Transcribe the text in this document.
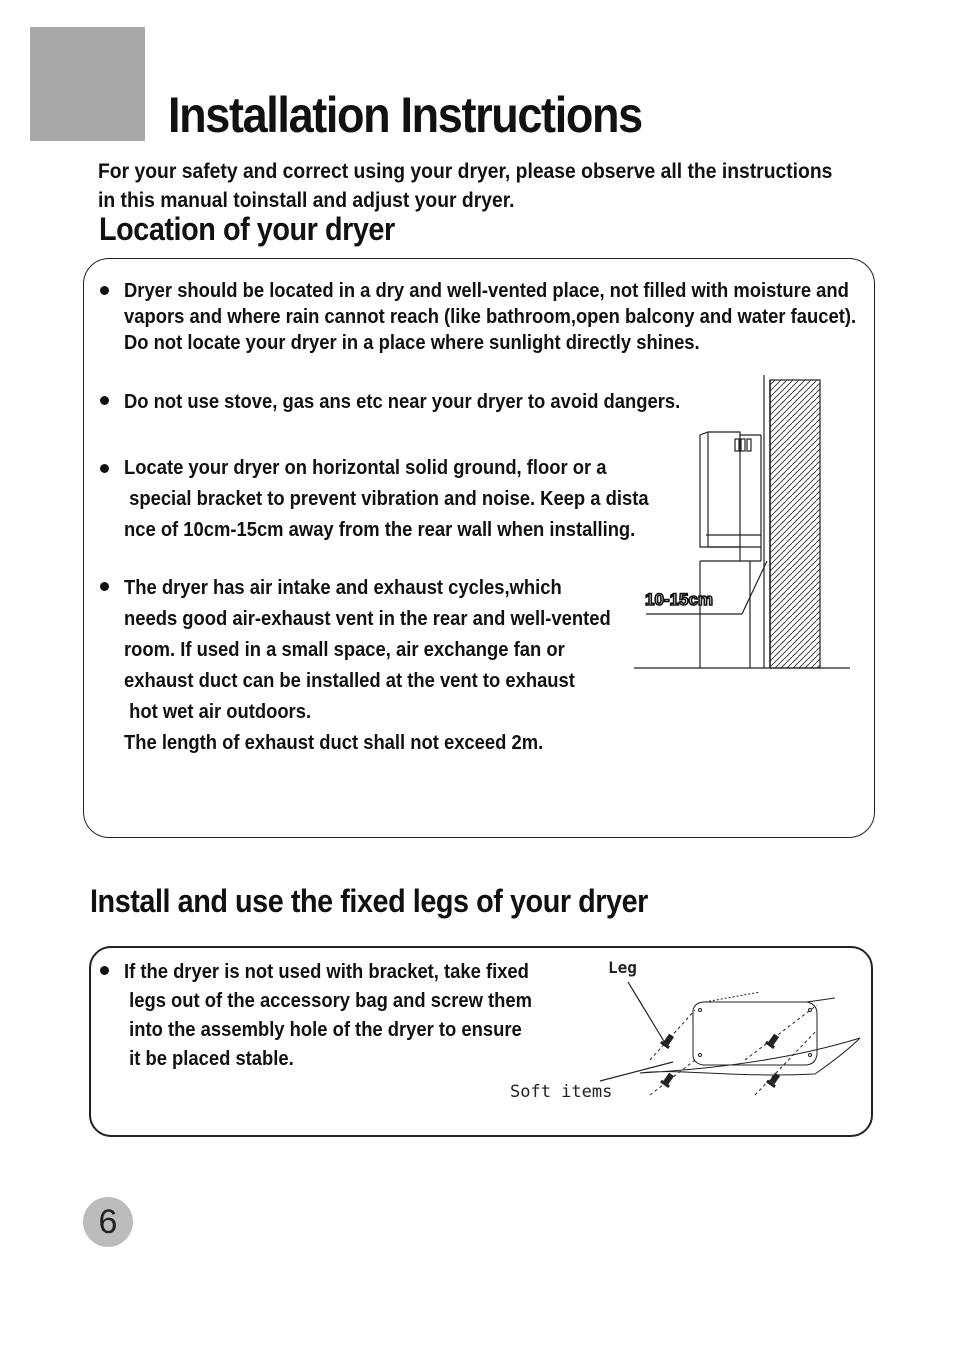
Installation Instructions
For your safety and correct using your dryer, please observe all the instructions
in this manual toinstall and adjust your dryer.
Location of your dryer
Dryer should be located in a dry and well-vented place, not filled with moisture and
vapors and where rain cannot reach (like bathroom,open balcony and water faucet).
Do not locate your dryer in a place where sunlight directly shines.
Do not use stove, gas ans etc near your dryer to avoid dangers.
Locate your dryer on horizontal solid ground, floor or a
special bracket to prevent vibration and noise. Keep a dista
nce of 10cm-15cm away from the rear wall when installing.
The dryer has air intake and exhaust cycles,which
needs good air-exhaust vent in the rear and well-vented
room. If used in a small space, air exchange fan or
exhaust duct can be installed at the vent to exhaust
hot wet air outdoors.
The length of exhaust duct shall not exceed 2m.
10-15cm
Install and use the fixed legs of your dryer
If the dryer is not used with bracket, take fixed
legs out of the accessory bag and screw them
into the assembly hole of the dryer to ensure
it be placed stable.
Leg
Soft items
6
